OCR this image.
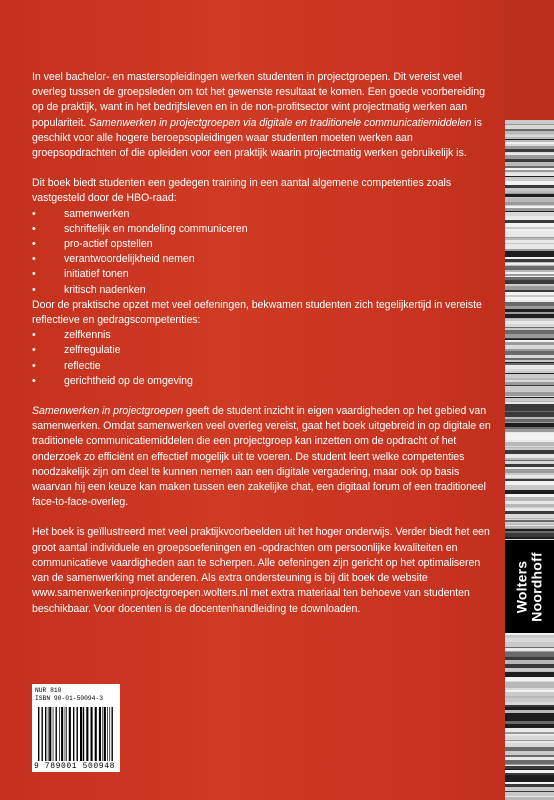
In veel bachelor- en mastersopleidingen werken studenten in projectgroepen. Dit vereist veel overleg tussen de groepsleden om tot het gewenste resultaat te komen. Een goede voorbereiding op de praktijk, want in het bedrijfsleven en in de non-profitsector wint projectmatig werken aan populariteit. Samenwerken in projectgroepen via digitale en traditionele communicatiemiddelen is geschikt voor alle hogere beroepsopleidingen waar studenten moeten werken aan groepsopdrachten of die opleiden voor een praktijk waarin projectmatig werken gebruikelijk is.

Dit boek biedt studenten een gedegen training in een aantal algemene competenties zoals vastgesteld door de HBO-raad:

• samenwerken
• schriftelijk en mondeling communiceren
• pro-actief opstellen
• verantwoordelijkheid nemen
• initiatief tonen
• kritisch nadenken

Door de praktische opzet met veel oefeningen, bekwamen studenten zich tegelijkertijd in vereiste reflectieve en gedragscompetenties:

• zelfkennis
• zelfregulatie
• reflectie
• gerichtheid op de omgeving

Samenwerken in projectgroepen geeft de student inzicht in eigen vaardigheden op het gebied van samenwerken. Omdat samenwerken veel overleg vereist, gaat het boek uitgebreid in op digitale en traditionele communicatiemiddelen die een projectgroep kan inzetten om de opdracht of het onderzoek zo efficiënt en effectief mogelijk uit te voeren. De student leert welke competenties noodzakelijk zijn om deel te kunnen nemen aan een digitale vergadering, maar ook op basis waarvan hij een keuze kan maken tussen een zakelijke chat, een digitaal forum of een traditioneel face-to-face-overleg.

Het boek is geïllustreerd met veel praktijkvoorbeelden uit het hoger onderwijs. Verder biedt het een groot aantal individuele en groepsoefeningen en -opdrachten om persoonlijke kwaliteiten en communicatieve vaardigheden aan te scherpen. Alle oefeningen zijn gericht op het optimaliseren van de samenwerking met anderen. Als extra ondersteuning is bij dit boek de website www.samenwerkeninprojectgroepen.wolters.nl met extra materiaal ten behoeve van studenten beschikbaar. Voor docenten is de docentenhandleiding te downloaden.

NUR 810
ISBN 90-01-50094-3
9 789001 500948
Wolters Noordhoff
